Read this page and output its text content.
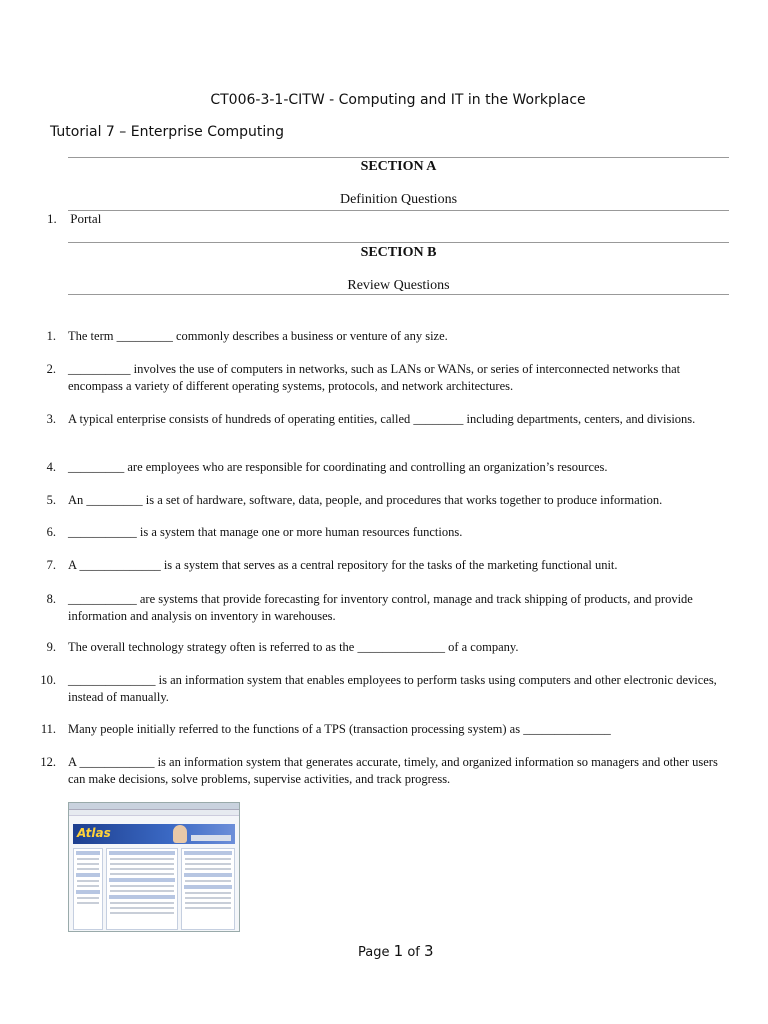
CT006-3-1-CITW - Computing and IT in the Workplace
Tutorial 7 – Enterprise Computing
SECTION A
Definition Questions
1. Portal
SECTION B
Review Questions
1. The term _________ commonly describes a business or venture of any size.
2. __________ involves the use of computers in networks, such as LANs or WANs, or series of interconnected networks that encompass a variety of different operating systems, protocols, and network architectures.
3. A typical enterprise consists of hundreds of operating entities, called ________ including departments, centers, and divisions.
4. _________ are employees who are responsible for coordinating and controlling an organization’s resources.
5. An _________ is a set of hardware, software, data, people, and procedures that works together to produce information.
6. ___________ is a system that manage one or more human resources functions.
7. A _____________ is a system that serves as a central repository for the tasks of the marketing functional unit.
8. ___________ are systems that provide forecasting for inventory control, manage and track shipping of products, and provide information and analysis on inventory in warehouses.
9. The overall technology strategy often is referred to as the ______________ of a company.
10. ______________ is an information system that enables employees to perform tasks using computers and other electronic devices, instead of manually.
11. Many people initially referred to the functions of a TPS (transaction processing system) as ______________
12. A ____________ is an information system that generates accurate, timely, and organized information so managers and other users can make decisions, solve problems, supervise activities, and track progress.
Atlas
Page 1 of 3
